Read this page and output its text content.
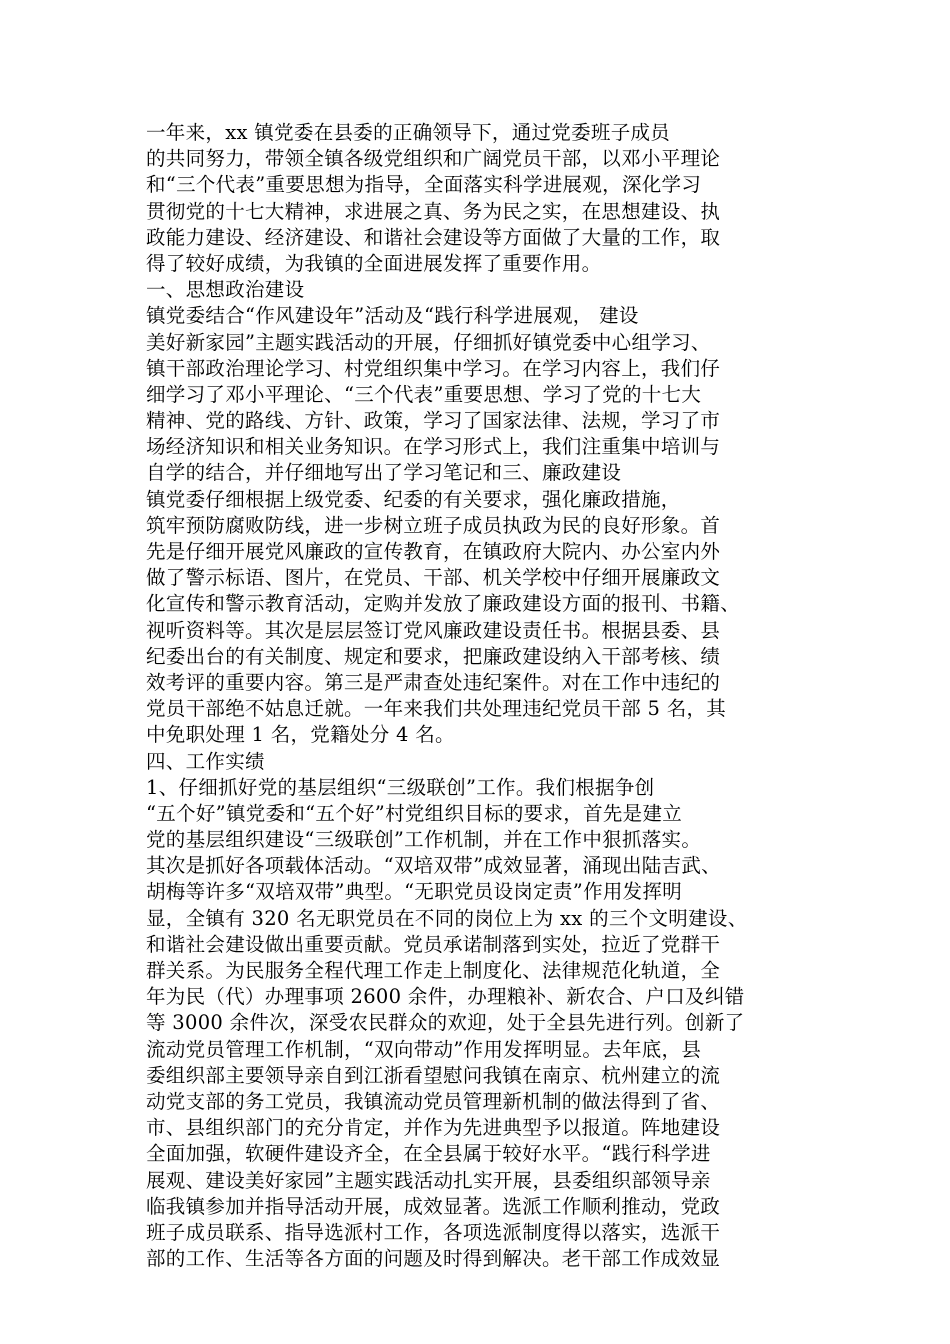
一年来，xx 镇党委在县委的正确领导下，通过党委班子成员
的共同努力，带领全镇各级党组织和广阔党员干部，以邓小平理论
和“三个代表”重要思想为指导，全面落实科学进展观，深化学习
贯彻党的十七大精神，求进展之真、务为民之实，在思想建设、执
政能力建设、经济建设、和谐社会建设等方面做了大量的工作，取
得了较好成绩，为我镇的全面进展发挥了重要作用。
一、思想政治建设
镇党委结合“作风建设年”活动及“践行科学进展观， 建设
美好新家园”主题实践活动的开展，仔细抓好镇党委中心组学习、
镇干部政治理论学习、村党组织集中学习。在学习内容上，我们仔
细学习了邓小平理论、“三个代表”重要思想、学习了党的十七大
精神、党的路线、方针、政策，学习了国家法律、法规，学习了市
场经济知识和相关业务知识。在学习形式上，我们注重集中培训与
自学的结合，并仔细地写出了学习笔记和三、廉政建设
镇党委仔细根据上级党委、纪委的有关要求，强化廉政措施，
筑牢预防腐败防线，进一步树立班子成员执政为民的良好形象。首
先是仔细开展党风廉政的宣传教育，在镇政府大院内、办公室内外
做了警示标语、图片，在党员、干部、机关学校中仔细开展廉政文
化宣传和警示教育活动，定购并发放了廉政建设方面的报刊、书籍、
视听资料等。其次是层层签订党风廉政建设责任书。根据县委、县
纪委出台的有关制度、规定和要求，把廉政建设纳入干部考核、绩
效考评的重要内容。第三是严肃查处违纪案件。对在工作中违纪的
党员干部绝不姑息迁就。一年来我们共处理违纪党员干部 5 名，其
中免职处理 1 名，党籍处分 4 名。
四、工作实绩
1、仔细抓好党的基层组织“三级联创”工作。我们根据争创
“五个好”镇党委和“五个好”村党组织目标的要求，首先是建立
党的基层组织建设“三级联创”工作机制，并在工作中狠抓落实。
其次是抓好各项载体活动。“双培双带”成效显著，涌现出陆吉武、
胡梅等许多“双培双带”典型。“无职党员设岗定责”作用发挥明
显，全镇有 320 名无职党员在不同的岗位上为 xx 的三个文明建设、
和谐社会建设做出重要贡献。党员承诺制落到实处，拉近了党群干
群关系。为民服务全程代理工作走上制度化、法律规范化轨道，全
年为民（代）办理事项 2600 余件，办理粮补、新农合、户口及纠错
等 3000 余件次，深受农民群众的欢迎，处于全县先进行列。创新了
流动党员管理工作机制，“双向带动”作用发挥明显。去年底，县
委组织部主要领导亲自到江浙看望慰问我镇在南京、杭州建立的流
动党支部的务工党员，我镇流动党员管理新机制的做法得到了省、
市、县组织部门的充分肯定，并作为先进典型予以报道。阵地建设
全面加强，软硬件建设齐全，在全县属于较好水平。“践行科学进
展观、建设美好家园”主题实践活动扎实开展，县委组织部领导亲
临我镇参加并指导活动开展，成效显著。选派工作顺利推动，党政
班子成员联系、指导选派村工作，各项选派制度得以落实，选派干
部的工作、生活等各方面的问题及时得到解决。老干部工作成效显
